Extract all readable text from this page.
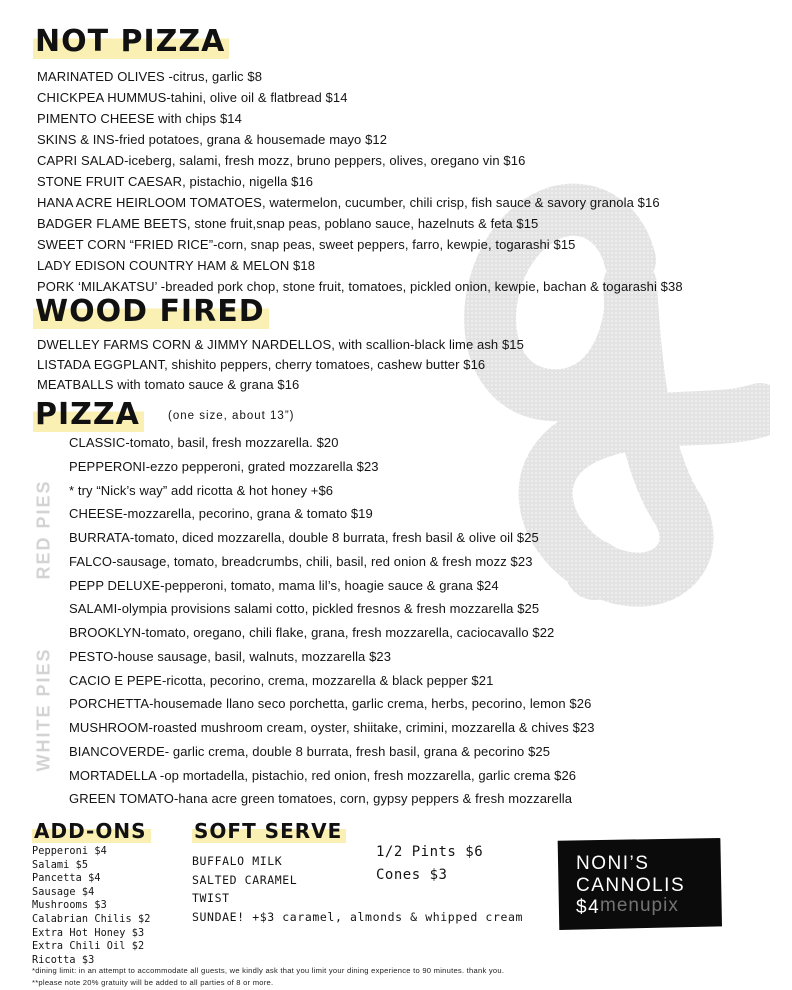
NOT PIZZA
MARINATED OLIVES -citrus, garlic $8
CHICKPEA HUMMUS-tahini, olive oil & flatbread $14
PIMENTO CHEESE with chips $14
SKINS & INS-fried potatoes, grana & housemade mayo $12
CAPRI SALAD-iceberg, salami, fresh mozz, bruno peppers, olives, oregano vin $16
STONE FRUIT CAESAR, pistachio, nigella $16
HANA ACRE HEIRLOOM TOMATOES, watermelon, cucumber, chili crisp, fish sauce & savory granola $16
BADGER FLAME BEETS, stone fruit,snap peas, poblano sauce, hazelnuts & feta $15
SWEET CORN “FRIED RICE”-corn, snap peas, sweet peppers, farro, kewpie, togarashi $15
LADY EDISON COUNTRY HAM & MELON $18
PORK ‘MILAKATSU’ -breaded pork chop, stone fruit, tomatoes, pickled onion, kewpie, bachan & togarashi $38
WOOD FIRED
DWELLEY FARMS CORN & JIMMY NARDELLOS, with scallion-black lime ash $15
LISTADA EGGPLANT, shishito peppers, cherry tomatoes, cashew butter $16
MEATBALLS with tomato sauce & grana $16
PIZZA	(one size, about 13”)
RED PIES
WHITE PIES
CLASSIC-tomato, basil, fresh mozzarella. $20
PEPPERONI-ezzo pepperoni, grated mozzarella $23
* try “Nick’s way” add ricotta & hot honey +$6
CHEESE-mozzarella, pecorino, grana & tomato $19
BURRATA-tomato, diced mozzarella, double 8 burrata, fresh basil & olive oil $25
FALCO-sausage, tomato, breadcrumbs, chili, basil, red onion & fresh mozz $23
PEPP DELUXE-pepperoni, tomato, mama lil’s, hoagie sauce & grana $24
SALAMI-olympia provisions salami cotto, pickled fresnos & fresh mozzarella $25
BROOKLYN-tomato, oregano, chili flake, grana, fresh mozzarella, caciocavallo $22
PESTO-house sausage, basil, walnuts, mozzarella $23
CACIO E PEPE-ricotta, pecorino, crema, mozzarella & black pepper $21
PORCHETTA-housemade llano seco porchetta, garlic crema, herbs, pecorino, lemon $26
MUSHROOM-roasted mushroom cream, oyster, shiitake, crimini, mozzarella & chives $23
BIANCOVERDE- garlic crema, double 8 burrata, fresh basil, grana & pecorino $25
MORTADELLA -op mortadella, pistachio, red onion, fresh mozzarella, garlic crema $26
GREEN TOMATO-hana acre green tomatoes, corn, gypsy peppers & fresh mozzarella
ADD-ONS
Pepperoni $4
Salami $5
Pancetta $4
Sausage $4
Mushrooms $3
Calabrian Chilis $2
Extra Hot Honey $3
Extra Chili Oil $2
Ricotta $3
SOFT SERVE
BUFFALO MILK
SALTED CARAMEL
TWIST
SUNDAE! +$3 caramel, almonds & whipped cream
1/2 Pints $6
Cones $3
NONI’S
CANNOLIS
$4 menupix
*dining limit: in an attempt to accommodate all guests, we kindly ask that you limit your dining experience to 90 minutes. thank you.
**please note 20% gratuity will be added to all parties of 8 or more.
